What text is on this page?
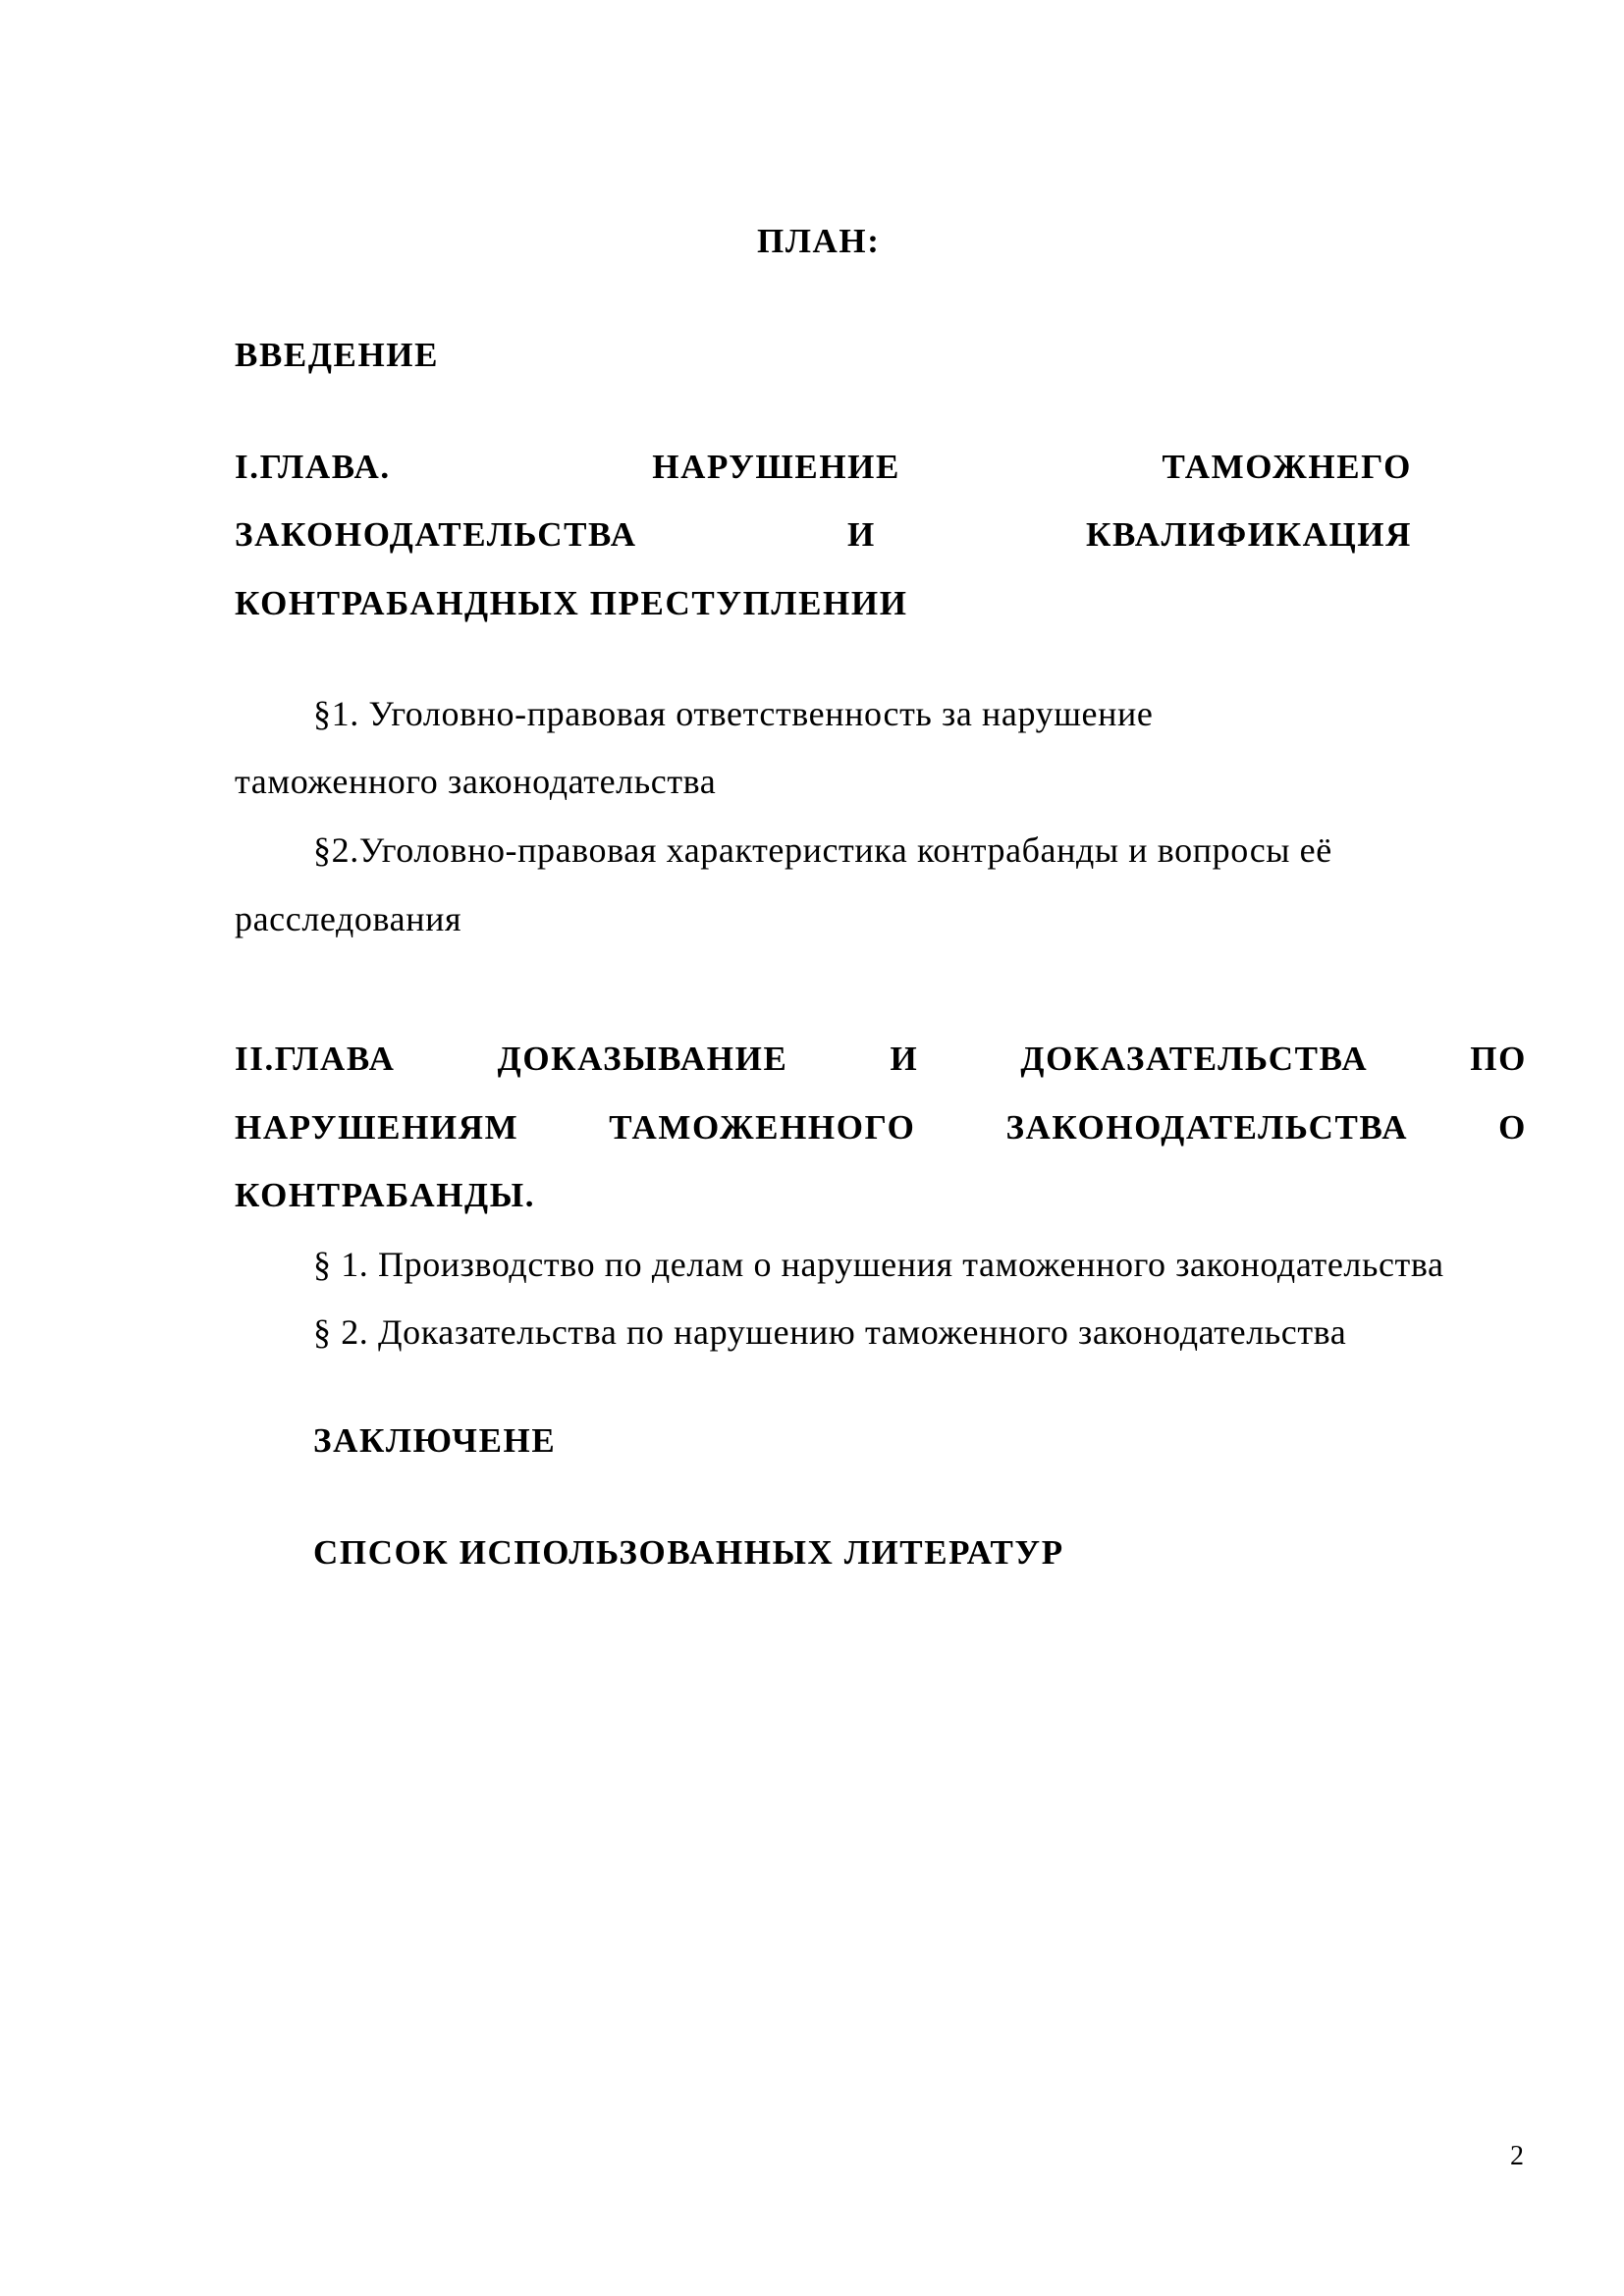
ПЛАН:

ВВЕДЕНИЕ

I.ГЛАВА.	НАРУШЕНИЕ	ТАМОЖНЕГО
ЗАКОНОДАТЕЛЬСТВА	И	КВАЛИФИКАЦИЯ

КОНТРАБАНДНЫХ ПРЕСТУПЛЕНИИ

§1. Уголовно-правовая ответственность за нарушение

таможенного законодательства

§2.Уголовно-правовая характеристика контрабанды и вопросы её

расследования

II.ГЛАВА	ДОКАЗЫВАНИЕ	И	ДОКАЗАТЕЛЬСТВА	ПО
НАРУШЕНИЯМ	ТАМОЖЕННОГО	ЗАКОНОДАТЕЛЬСТВА	О

КОНТРАБАНДЫ.

§ 1. Производство по делам о нарушения таможенного законодательства

§ 2. Доказательства по нарушению таможенного законодательства

ЗАКЛЮЧЕНЕ

СПСОК ИСПОЛЬЗОВАННЫХ ЛИТЕРАТУР

2
